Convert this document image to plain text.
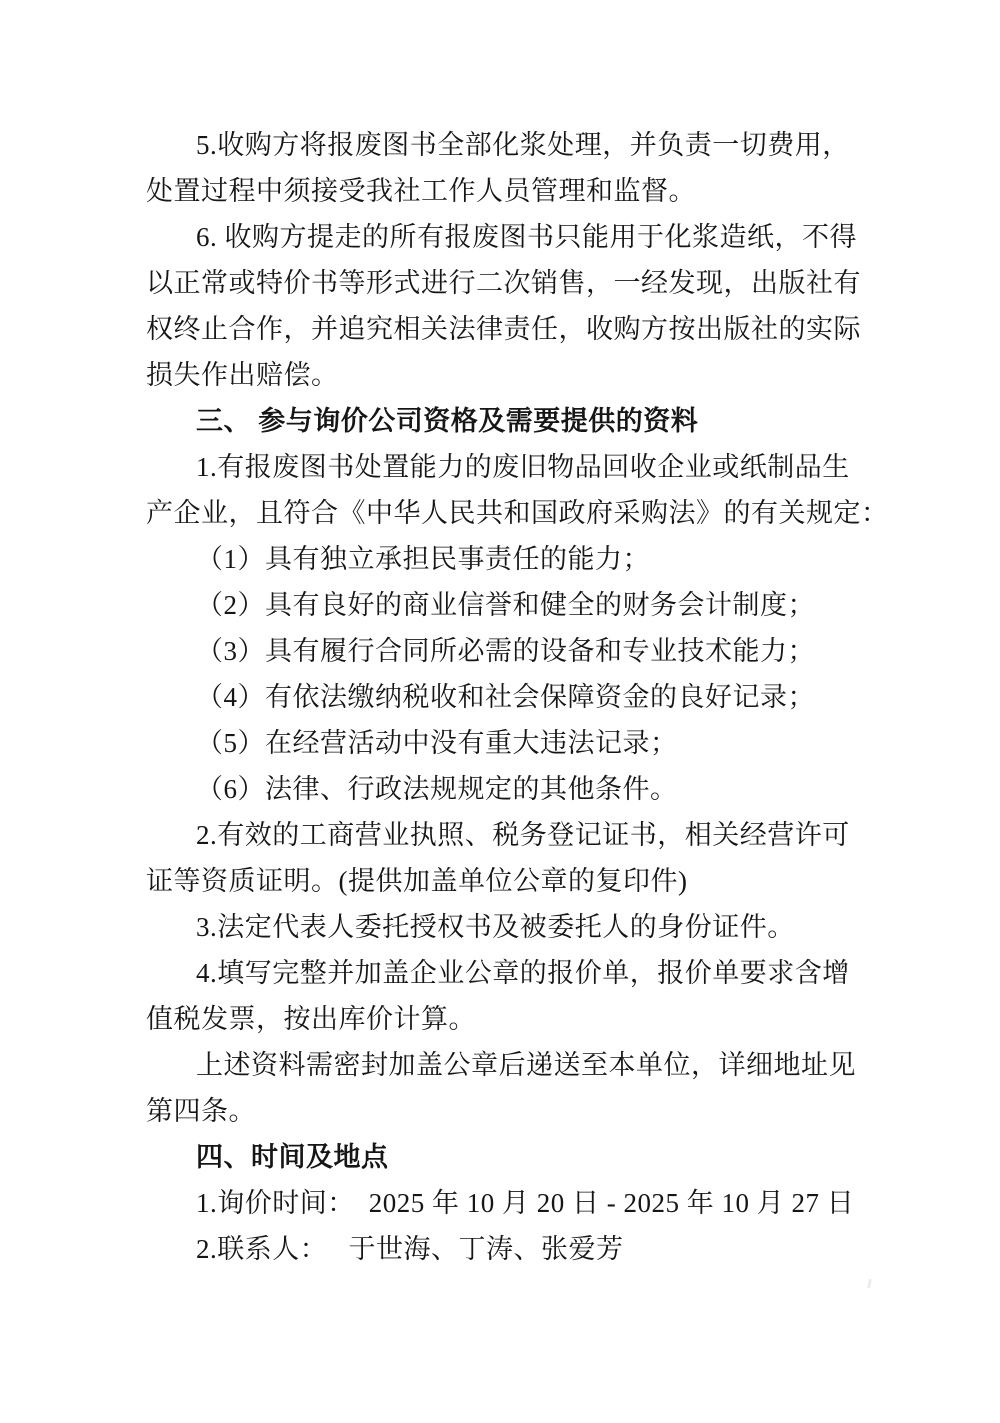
5.收购方将报废图书全部化浆处理，并负责一切费用，
处置过程中须接受我社工作人员管理和监督。
6. 收购方提走的所有报废图书只能用于化浆造纸，不得
以正常或特价书等形式进行二次销售，一经发现，出版社有
权终止合作，并追究相关法律责任，收购方按出版社的实际
损失作出赔偿。
三、 参与询价公司资格及需要提供的资料
1.有报废图书处置能力的废旧物品回收企业或纸制品生
产企业，且符合《中华人民共和国政府采购法》的有关规定：
（1）具有独立承担民事责任的能力；
（2）具有良好的商业信誉和健全的财务会计制度；
（3）具有履行合同所必需的设备和专业技术能力；
（4）有依法缴纳税收和社会保障资金的良好记录；
（5）在经营活动中没有重大违法记录；
（6）法律、行政法规规定的其他条件。
2.有效的工商营业执照、税务登记证书，相关经营许可
证等资质证明。(提供加盖单位公章的复印件)
3.法定代表人委托授权书及被委托人的身份证件。
4.填写完整并加盖企业公章的报价单，报价单要求含增
值税发票，按出库价计算。
上述资料需密封加盖公章后递送至本单位，详细地址见
第四条。
四、时间及地点
1.询价时间：　2025 年 10 月 20 日 - 2025 年 10 月 27 日
2.联系人：　 于世海、丁涛、张爱芳
